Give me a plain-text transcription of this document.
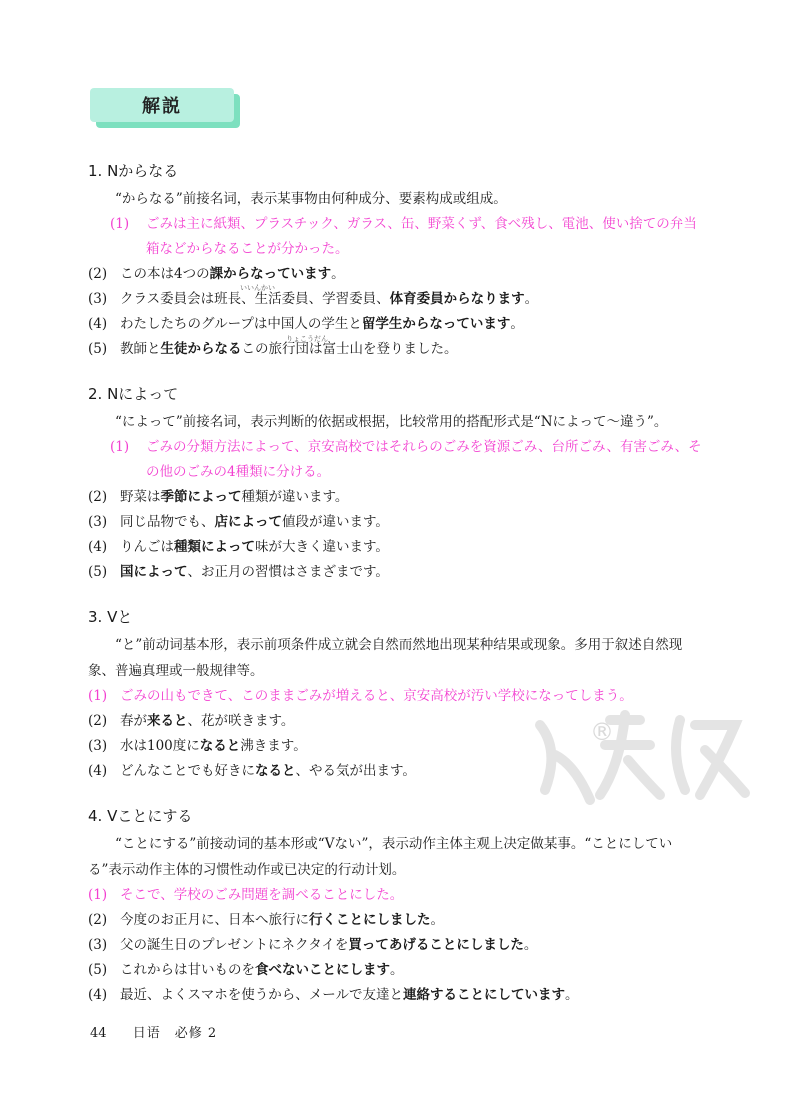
解説

1. Nからなる

“からなる”前接名词，表示某事物由何种成分、要素构成或组成。

(1) ごみは主に紙類、プラスチック、ガラス、缶、野菜くず、食べ残し、電池、使い捨ての弁当箱などからなることが分かった。

(2) この本は4つの課からなっています。

(3) クラス委員会は班長、生活委員、学習委員、体育委員からなります。

(4) わたしたちのグループは中国人の学生と留学生からなっています。

(5) 教師と生徒からなるこの旅行団は富士山を登りました。

いいんかい
りょこうだん

2. Nによって

“によって”前接名词，表示判断的依据或根据，比较常用的搭配形式是“Nによって～違う”。

(1) ごみの分類方法によって、京安高校ではそれらのごみを資源ごみ、台所ごみ、有害ごみ、その他のごみの4種類に分ける。

(2) 野菜は季節によって種類が違います。

(3) 同じ品物でも、店によって値段が違います。

(4) りんごは種類によって味が大きく違います。

(5) 国によって、お正月の習慣はさまざまです。

3. Vと

“と”前动词基本形，表示前项条件成立就会自然而然地出现某种结果或现象。多用于叙述自然现

象、普遍真理或一般规律等。

(1) ごみの山もできて、このままごみが増えると、京安高校が汚い学校になってしまう。

(2) 春が来ると、花が咲きます。

(3) 水は100度になると沸きます。

(4) どんなことでも好きになると、やる気が出ます。

®

4. Vことにする

“ことにする”前接动词的基本形或“Vない”，表示动作主体主观上决定做某事。“ことにしてい

る”表示动作主体的习惯性动作或已决定的行动计划。

(1) そこで、学校のごみ問題を調べることにした。

(2) 今度のお正月に、日本へ旅行に行くことにしました。

(3) 父の誕生日のプレゼントにネクタイを買ってあげることにしました。

(5) これからは甘いものを食べないことにします。

(4) 最近、よくスマホを使うから、メールで友達と連絡することにしています。

44 日语　必修 2
